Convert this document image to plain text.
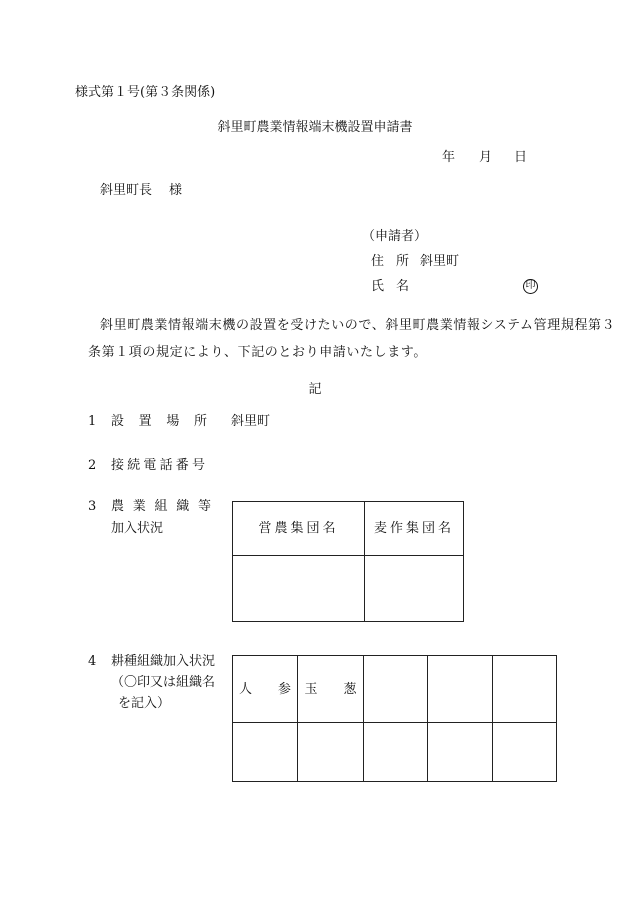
様式第１号(第３条関係)
斜里町農業情報端末機設置申請書
年 月 日
斜里町長 様
（申請者）
住 所 斜里町
氏 名	印
斜里町農業情報端末機の設置を受けたいので、斜里町農業情報システム管理規程第３
条第１項の規定により、下記のとおり申請いたします。
記
1 設 置 場 所 斜里町
2 接続電話番号
3 農 業 組 織 等
加入状況	営農集団名	麦作集団名

4 耕種組織加入状況
（〇印又は組織名
を記入）
人　　参	玉　　葱			
